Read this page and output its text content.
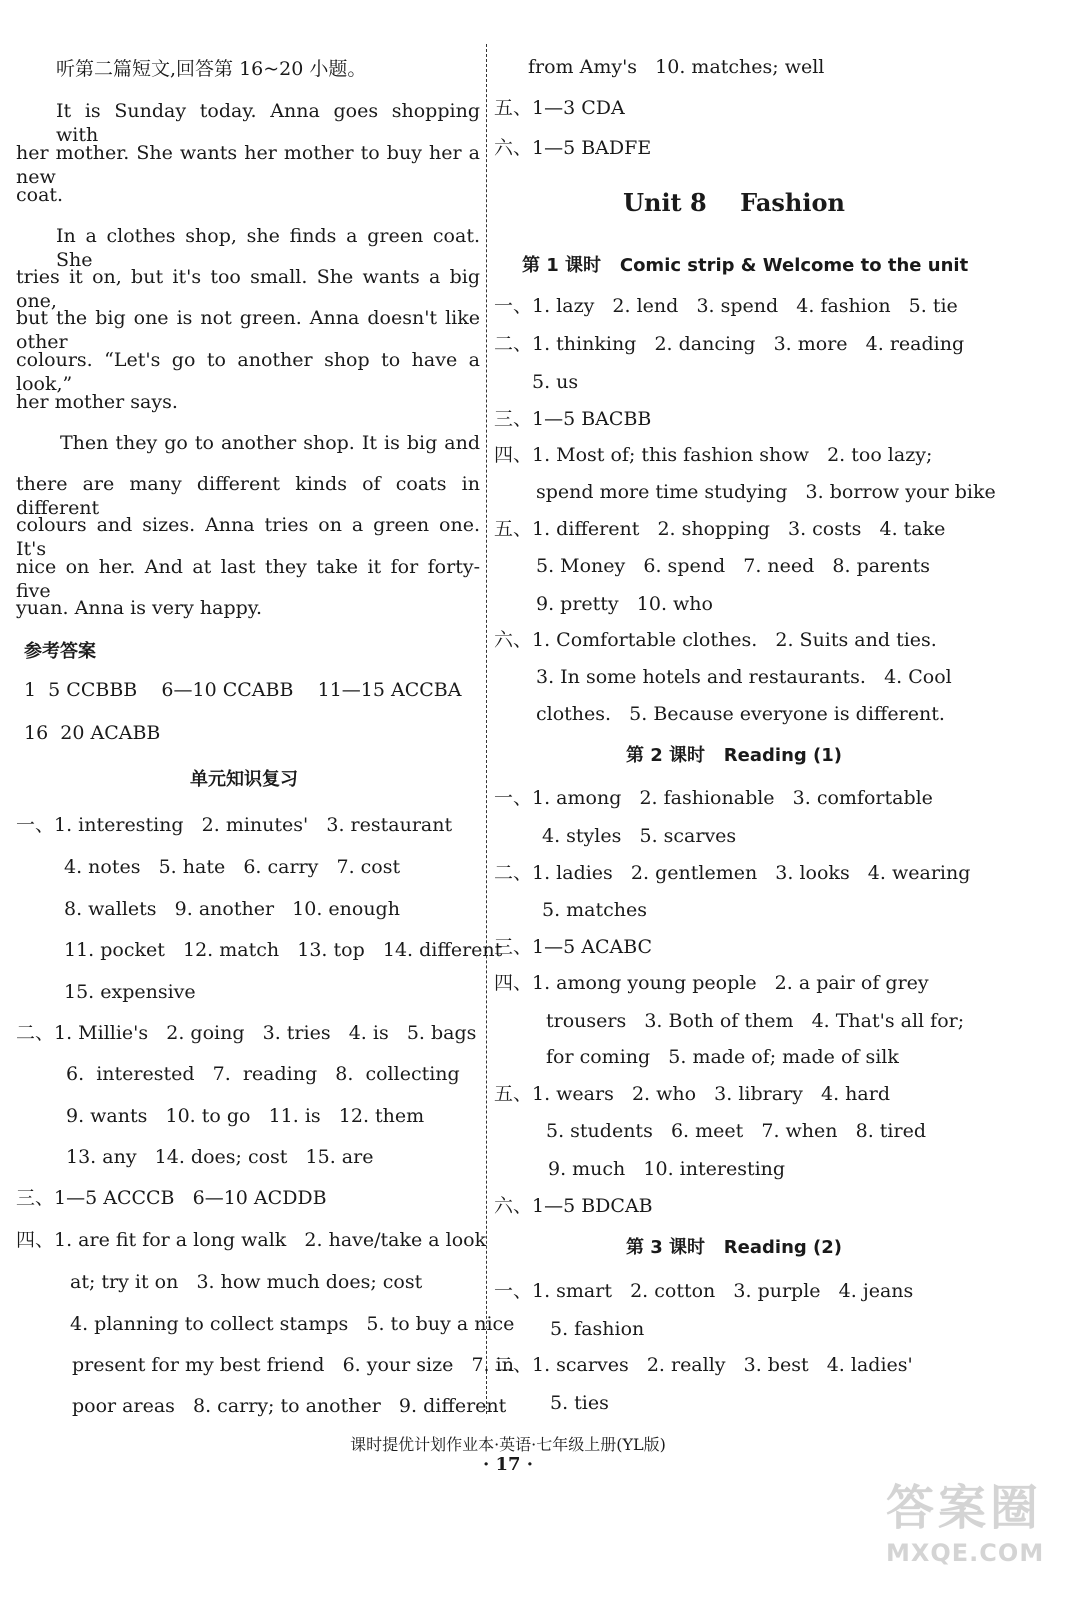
听第二篇短文,回答第 16~20 小题。
It is Sunday today. Anna goes shopping with
her mother. She wants her mother to buy her a new
coat.
In a clothes shop, she finds a green coat. She
tries it on, but it's too small. She wants a big one,
but the big one is not green. Anna doesn't like other
colours. “Let's go to another shop to have a look,”
her mother says.
Then they go to another shop. It is big and
there are many different kinds of coats in different
colours and sizes. Anna tries on a green one. It's
nice on her. And at last they take it for forty-five
yuan. Anna is very happy.
参考答案
1  5 CCBBB    6—10 CCABB    11—15 ACCBA
16  20 ACABB
单元知识复习
一、1. interesting   2. minutes'   3. restaurant
4. notes   5. hate   6. carry   7. cost
8. wallets   9. another   10. enough
11. pocket   12. match   13. top   14. different
15. expensive
二、1. Millie's   2. going   3. tries   4. is   5. bags
6.  interested   7.  reading   8.  collecting
9. wants   10. to go   11. is   12. them
13. any   14. does; cost   15. are
三、1—5 ACCCB   6—10 ACDDB
四、1. are fit for a long walk   2. have/take a look
at; try it on   3. how much does; cost
4. planning to collect stamps   5. to buy a nice
present for my best friend   6. your size   7. in
poor areas   8. carry; to another   9. different
from Amy's   10. matches; well
五、1—3 CDA
六、1—5 BADFE
Unit 8    Fashion
第 1 课时   Comic strip & Welcome to the unit
一、1. lazy   2. lend   3. spend   4. fashion   5. tie
二、1. thinking   2. dancing   3. more   4. reading
5. us
三、1—5 BACBB
四、1. Most of; this fashion show   2. too lazy;
spend more time studying   3. borrow your bike
五、1. different   2. shopping   3. costs   4. take
5. Money   6. spend   7. need   8. parents
9. pretty   10. who
六、1. Comfortable clothes.   2. Suits and ties.
3. In some hotels and restaurants.   4. Cool
clothes.   5. Because everyone is different.
第 2 课时   Reading (1)
一、1. among   2. fashionable   3. comfortable
4. styles   5. scarves
二、1. ladies   2. gentlemen   3. looks   4. wearing
5. matches
三、1—5 ACABC
四、1. among young people   2. a pair of grey
trousers   3. Both of them   4. That's all for;
for coming   5. made of; made of silk
五、1. wears   2. who   3. library   4. hard
5. students   6. meet   7. when   8. tired
9. much   10. interesting
六、1—5 BDCAB
第 3 课时   Reading (2)
一、1. smart   2. cotton   3. purple   4. jeans
5. fashion
二、1. scarves   2. really   3. best   4. ladies'
5. ties
课时提优计划作业本·英语·七年级上册(YL版)
· 17 ·
答案圈
MXQE.COM
